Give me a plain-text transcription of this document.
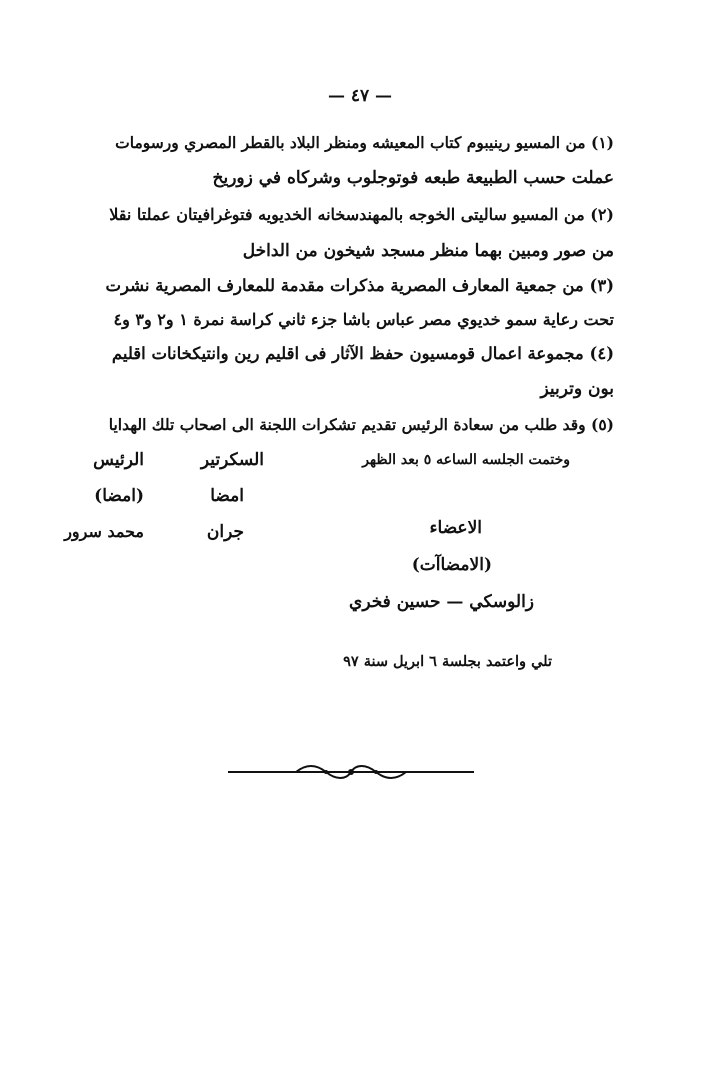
— ٤٧ —
(١) من المسيو رينيبوم كتاب المعيشه ومنظر البلاد بالقطر المصري ورسومات
عملت حسب الطبيعة طبعه فوتوجلوب وشركاه في زوريخ
(٢) من المسيو ساليتى الخوجه بالمهندسخانه الخديويه فتوغرافيتان عملتا نقلا
من صور ومبين بهما منظر مسجد شيخون من الداخل
(٣) من جمعية المعارف المصرية مذكرات مقدمة للمعارف المصرية نشرت
تحت رعاية سمو خديوي مصر عباس باشا جزء ثاني كراسة نمرة ١ و٢ و٣ و٤
(٤) مجموعة اعمال قومسيون حفظ الآثار فى اقليم رين وانتيكخانات اقليم
بون وتربيز
(٥) وقد طلب من سعادة الرئيس تقديم تشكرات اللجنة الى اصحاب تلك الهدايا
وختمت الجلسه الساعه ٥ بعد الظهر
السكرتير
الرئيس
امضا
(امضا)
الاعضاء
جران
محمد سرور
(الامضاآت)
زالوسكي — حسين فخري
تلي واعتمد بجلسة ٦ ابريل سنة ٩٧
